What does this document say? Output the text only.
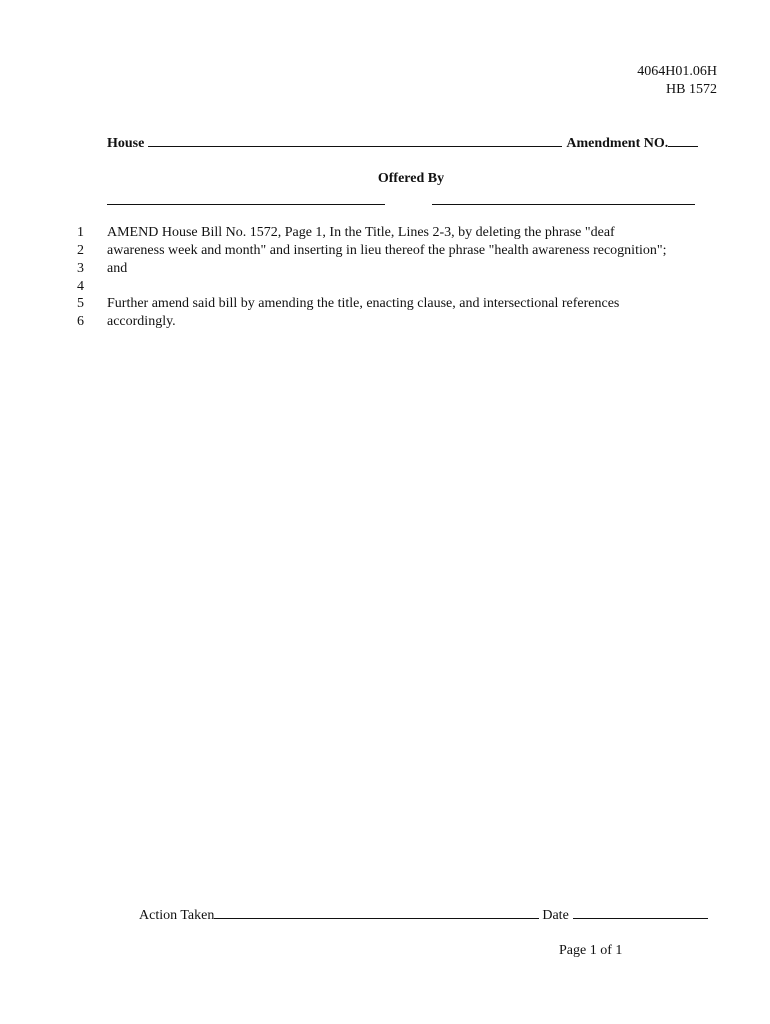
4064H01.06H
HB 1572
House	Amendment NO.
Offered By
1 AMEND House Bill No. 1572, Page 1, In the Title, Lines 2-3, by deleting the phrase "deaf
2 awareness week and month" and inserting in lieu thereof the phrase "health awareness recognition";
3 and
4
5 Further amend said bill by amending the title, enacting clause, and intersectional references
6 accordingly.
Action Taken	Date
Page 1 of 1
